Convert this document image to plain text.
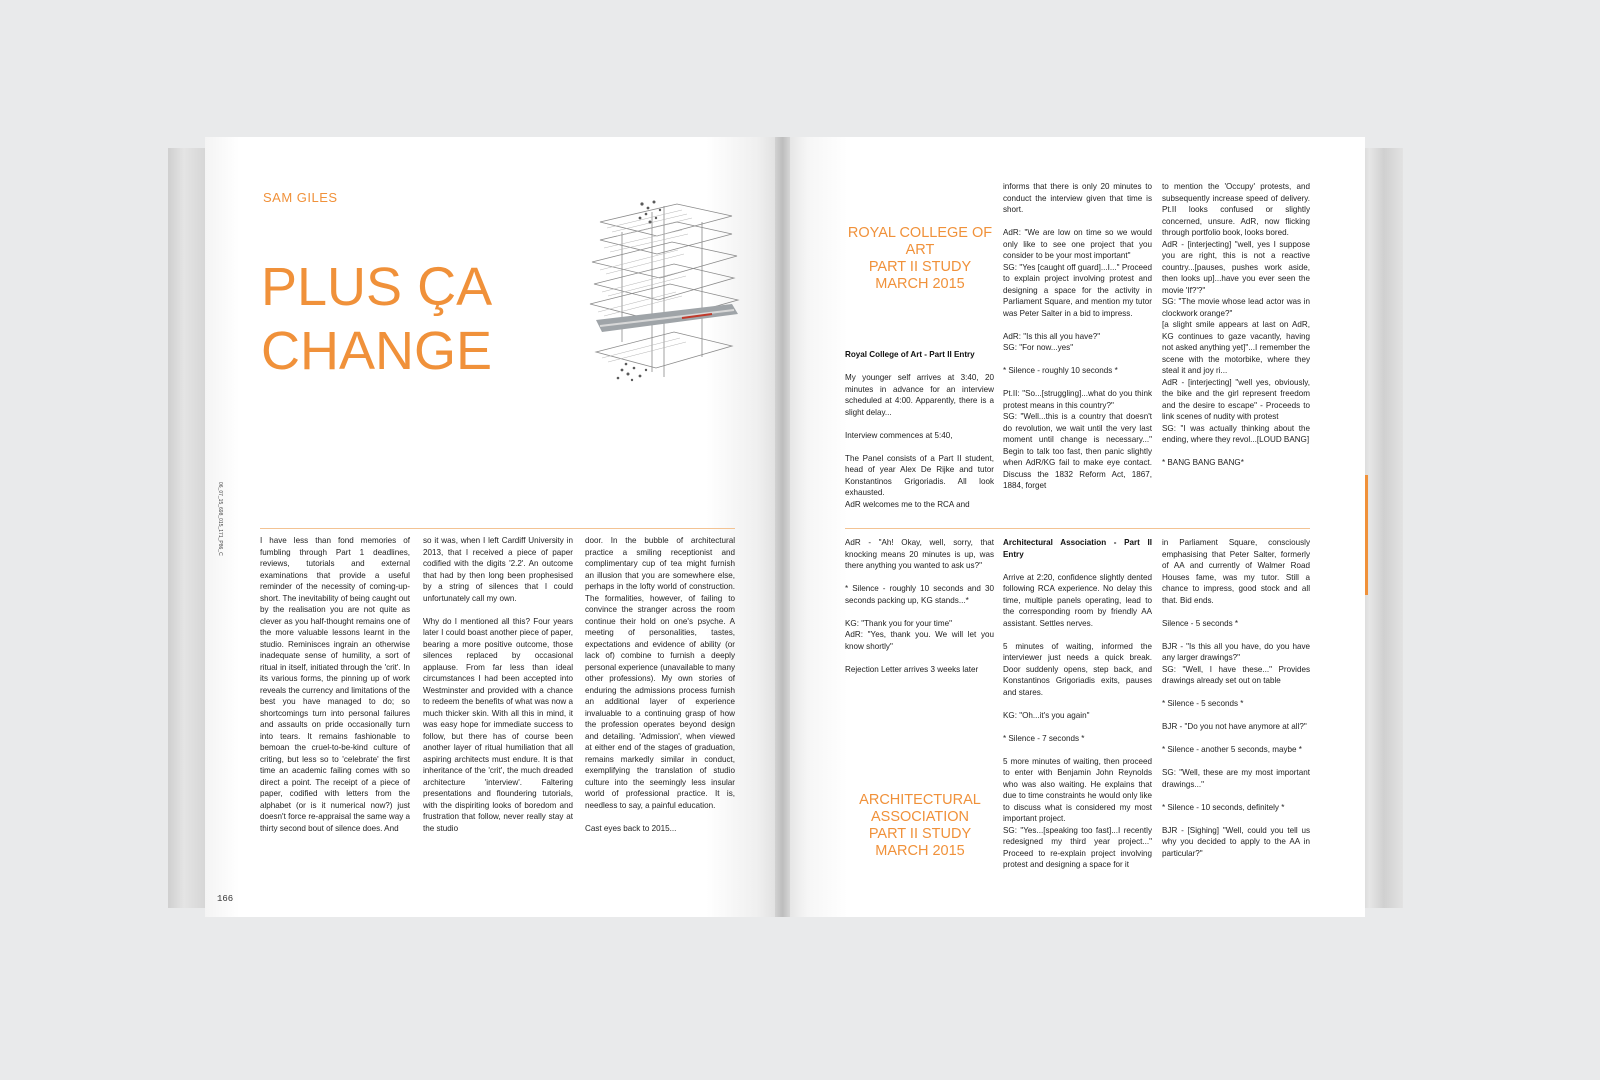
SAM GILES
PLUS ÇA
CHANGE
06_07_15_698_015_171_P86_C	I have less than fond memories of fumbling through Part 1 deadlines, reviews, tutorials and external examinations that provide a useful reminder of the necessity of coming-up-short. The inevitability of being caught out by the realisation you are not quite as clever as you half-thought remains one of the more valuable lessons learnt in the studio. Reminisces ingrain an otherwise inadequate sense of humility, a sort of ritual in itself, initiated through the 'crit'. In its various forms, the pinning up of work reveals the currency and limitations of the best you have managed to do; so shortcomings turn into personal failures and assaults on pride occasionally turn into tears. It remains fashionable to bemoan the cruel-to-be-kind culture of criting, but less so to 'celebrate' the first time an academic failing comes with so direct a point. The receipt of a piece of paper, codified with letters from the alphabet (or is it numerical now?) just doesn't force re-appraisal the same way a thirty second bout of silence does. And

so it was, when I left Cardiff University in 2013, that I received a piece of paper codified with the digits '2.2'. An outcome that had by then long been prophesised by a string of silences that I could unfortunately call my own.

Why do I mentioned all this? Four years later I could boast another piece of paper, bearing a more positive outcome, those silences replaced by occasional applause. From far less than ideal circumstances I had been accepted into Westminster and provided with a chance to redeem the benefits of what was now a much thicker skin. With all this in mind, it was easy hope for immediate success to follow, but there has of course been another layer of ritual humiliation that all aspiring architects must endure. It is that inheritance of the 'crit', the much dreaded architecture 'interview'. Faltering presentations and floundering tutorials, with the dispiriting looks of boredom and frustration that follow, never really stay at the studio

door. In the bubble of architectural practice a smiling receptionist and complimentary cup of tea might furnish an illusion that you are somewhere else, perhaps in the lofty world of construction. The formalities, however, of failing to convince the stranger across the room continue their hold on one's psyche. A meeting of personalities, tastes, expectations and evidence of ability (or lack of) combine to furnish a deeply personal experience (unavailable to many other professions). My own stories of enduring the admissions process furnish an additional layer of experience invaluable to a continuing grasp of how the profession operates beyond design and detailing. 'Admission', when viewed at either end of the stages of graduation, remains markedly similar in conduct, exemplifying the translation of studio culture into the seemingly less insular world of professional practice. It is, needless to say, a painful education.

Cast eyes back to 2015...

166
ROYAL COLLEGE OF
ART
PART II STUDY
MARCH 2015

Royal College of Art - Part II Entry

My younger self arrives at 3:40, 20 minutes in advance for an interview scheduled at 4:00. Apparently, there is a slight delay...

Interview commences at 5:40,

The Panel consists of a Part II student, head of year Alex De Rijke and tutor Konstantinos Grigoriadis. All look exhausted.
AdR welcomes me to the RCA and

informs that there is only 20 minutes to conduct the interview given that time is short.

AdR: "We are low on time so we would only like to see one project that you consider to be your most important"
SG: "Yes [caught off guard]...I..." Proceed to explain project involving protest and designing a space for the activity in Parliament Square, and mention my tutor was Peter Salter in a bid to impress.

AdR: "Is this all you have?"
SG: "For now...yes"

* Silence - roughly 10 seconds *

Pt.II: "So...[struggling]...what do you think protest means in this country?"
SG: "Well...this is a country that doesn't do revolution, we wait until the very last moment until change is necessary..." Begin to talk too fast, then panic slightly when AdR/KG fail to make eye contact. Discuss the 1832 Reform Act, 1867, 1884, forget

to mention the 'Occupy' protests, and subsequently increase speed of delivery. Pt.II looks confused or slightly concerned, unsure. AdR, now flicking through portfolio book, looks bored.
AdR - [interjecting] "well, yes I suppose you are right, this is not a reactive country...[pauses, pushes work aside, then looks up]...have you ever seen the movie 'If?'?"
SG: "The movie whose lead actor was in clockwork orange?"
[a slight smile appears at last on AdR, KG continues to gaze vacantly, having not asked anything yet]"...I remember the scene with the motorbike, where they steal it and joy ri...
AdR - [interjecting] "well yes, obviously, the bike and the girl represent freedom and the desire to escape" - Proceeds to link scenes of nudity with protest
SG: "I was actually thinking about the ending, where they revol...[LOUD BANG]

* BANG BANG BANG*

AdR - "Ah! Okay, well, sorry, that knocking means 20 minutes is up, was there anything you wanted to ask us?"

* Silence - roughly 10 seconds and 30 seconds packing up, KG stands...*

KG: "Thank you for your time"
AdR: "Yes, thank you. We will let you know shortly"

Rejection Letter arrives 3 weeks later

ARCHITECTURAL
ASSOCIATION
PART II STUDY
MARCH 2015

Architectural Association - Part II Entry

Arrive at 2:20, confidence slightly dented following RCA experience. No delay this time, multiple panels operating, lead to the corresponding room by friendly AA assistant. Settles nerves.

5 minutes of waiting, informed the interviewer just needs a quick break. Door suddenly opens, step back, and Konstantinos Grigoriadis exits, pauses and stares.

KG: "Oh...it's you again"

* Silence - 7 seconds *

5 more minutes of waiting, then proceed to enter with Benjamin John Reynolds who was also waiting. He explains that due to time constraints he would only like to discuss what is considered my most important project.
SG: "Yes...[speaking too fast]...I recently redesigned my third year project..." Proceed to re-explain project involving protest and designing a space for it

in Parliament Square, consciously emphasising that Peter Salter, formerly of AA and currently of Walmer Road Houses fame, was my tutor. Still a chance to impress, good stock and all that. Bid ends.

Silence - 5 seconds *

BJR - "Is this all you have, do you have any larger drawings?"
SG: "Well, I have these..." Provides drawings already set out on table

* Silence - 5 seconds *

BJR - "Do you not have anymore at all?"

* Silence - another 5 seconds, maybe *

SG: "Well, these are my most important drawings..."

* Silence - 10 seconds, definitely *

BJR - [Sighing] "Well, could you tell us why you decided to apply to the AA in particular?"
